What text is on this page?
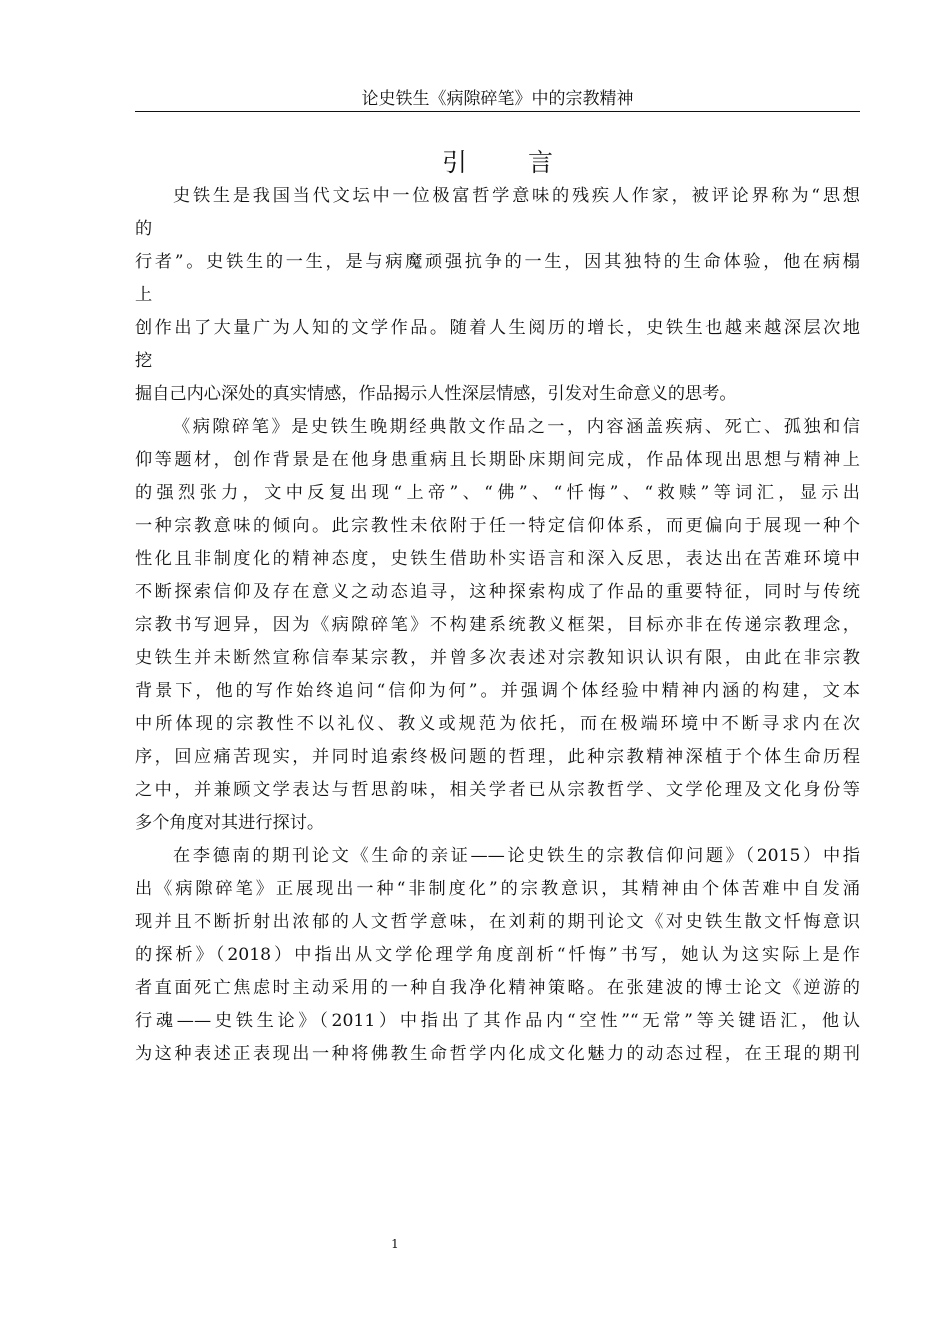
论史铁生《病隙碎笔》中的宗教精神
引　言
史铁生是我国当代文坛中一位极富哲学意味的残疾人作家，被评论界称为“思想
的
行者”。史铁生的一生，是与病魔顽强抗争的一生，因其独特的生命体验，他在病榻
上
创作出了大量广为人知的文学作品。随着人生阅历的增长，史铁生也越来越深层次地
挖
掘自己内心深处的真实情感，作品揭示人性深层情感，引发对生命意义的思考。
《病隙碎笔》是史铁生晚期经典散文作品之一，内容涵盖疾病、死亡、孤独和信
仰等题材，创作背景是在他身患重病且长期卧床期间完成，作品体现出思想与精神上
的强烈张力，文中反复出现“上帝”、“佛”、“忏悔”、“救赎”等词汇，显示出
一种宗教意味的倾向。此宗教性未依附于任一特定信仰体系，而更偏向于展现一种个
性化且非制度化的精神态度，史铁生借助朴实语言和深入反思，表达出在苦难环境中
不断探索信仰及存在意义之动态追寻，这种探索构成了作品的重要特征，同时与传统
宗教书写迥异，因为《病隙碎笔》不构建系统教义框架，目标亦非在传递宗教理念，
史铁生并未断然宣称信奉某宗教，并曾多次表述对宗教知识认识有限，由此在非宗教
背景下，他的写作始终追问“信仰为何”。并强调个体经验中精神内涵的构建，文本
中所体现的宗教性不以礼仪、教义或规范为依托，而在极端环境中不断寻求内在次
序，回应痛苦现实，并同时追索终极问题的哲理，此种宗教精神深植于个体生命历程
之中，并兼顾文学表达与哲思韵味，相关学者已从宗教哲学、文学伦理及文化身份等
多个角度对其进行探讨。
在李德南的期刊论文《生命的亲证——论史铁生的宗教信仰问题》（2015）中指
出《病隙碎笔》正展现出一种“非制度化”的宗教意识，其精神由个体苦难中自发涌
现并且不断折射出浓郁的人文哲学意味，在刘莉的期刊论文《对史铁生散文忏悔意识
的探析》（2018）中指出从文学伦理学角度剖析“忏悔”书写，她认为这实际上是作
者直面死亡焦虑时主动采用的一种自我净化精神策略。在张建波的博士论文《逆游的
行魂——史铁生论》（2011）中指出了其作品内“空性”“无常”等关键语汇，他认
为这种表述正表现出一种将佛教生命哲学内化成文化魅力的动态过程，在王琨的期刊
1
